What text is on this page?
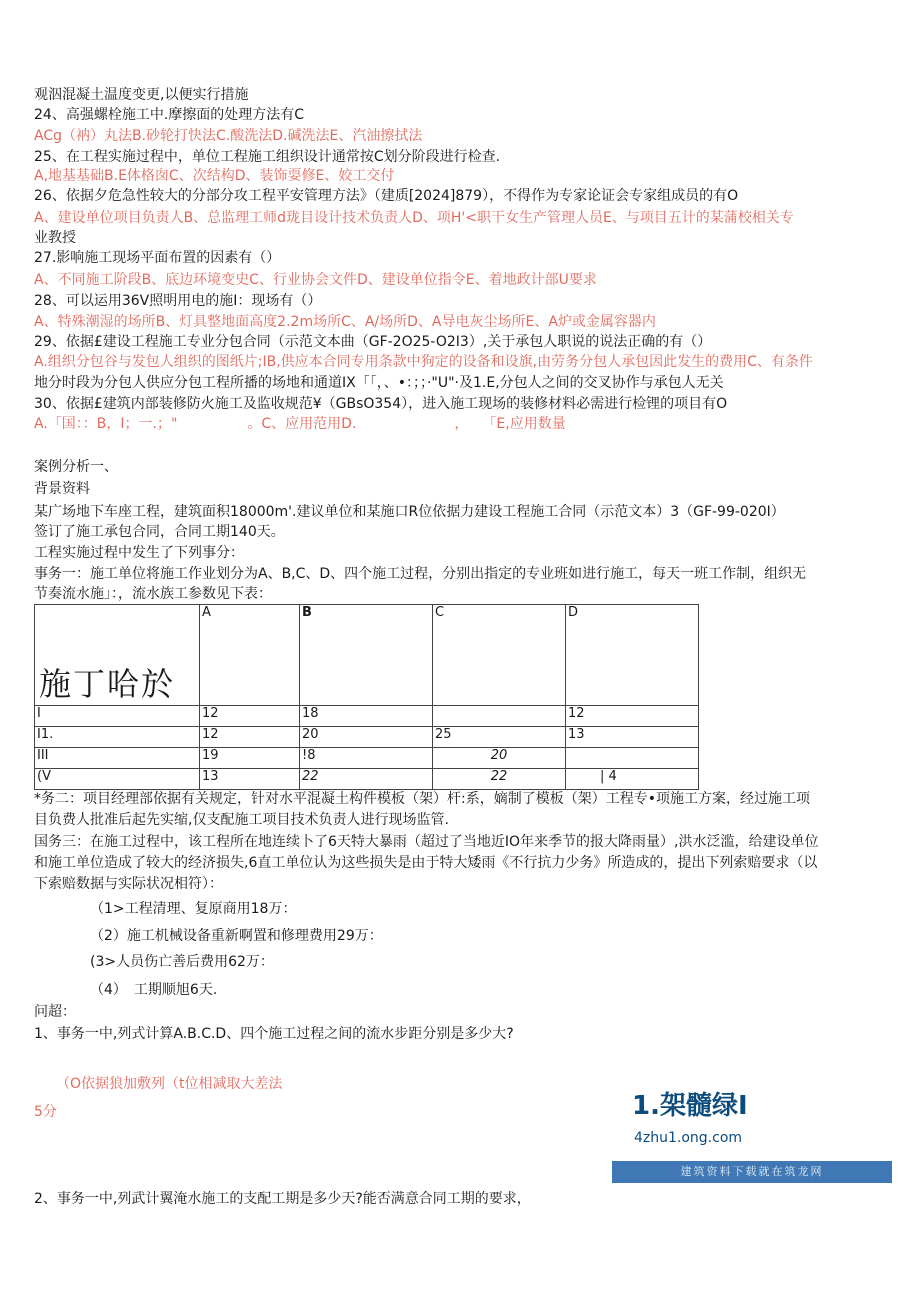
观泅混凝土温度变更,以便实行措施
24、高强螺栓施工中.摩擦面的处理方法有C
ACg（衲）丸法B.砂轮打快法C.酸洗法D.碱洗法E、汽油擦拭法
25、在工程实施过程中，单位工程施工组织设计通常按C划分阶段进行检查.
A,地基基础B.E体格囱C、次结构D、装饰耍修E、姣工交付
26、依据夕危急性较大的分部分攻工程平安管理方法》（建质[2024]879），不得作为专家论证会专家组成员的有O
A、建设单位项目负责人B、总监理工师d珑目设计技术负责人D、项H'<职干女生产管理人员E、与项目五计的某蒲校相关专
业教授
27.影响施工现场平面布置的因素有（）
A、不同施工阶段B、底边环境变史C、行业协会文件D、建设单位指令E、着地政计部U要求
28、可以运用36V照明用电的施I：现场有（）
A、特殊潮湿的场所B、灯具整地面高度2.2m场所C、A/场所D、A导电灰尘场所E、A炉或金属容器内
29、依据£建设工程施工专业分包合同（示范文本曲（GF-2O25-O2I3）,关于承包人职说的说法正确的有（）
A.组织分包谷与发包人组织的图纸片;IB,供应本合同专用条款中狗定的设备和设旗,由劳务分包人承包因此发生的费用C、有条件
地分时段为分包人供应分包工程所播的场地和通道IX「「，、•：；；·"U"·及1.E,分包人之间的交叉协作与承包人无关
30、依据£建筑内部装修防火施工及监收规范¥（GBsO354），进入施工现场的装修材料必需进行检锂的项目有O
A.「国：：B，I；一.；"　　　　　。C、应用范用D.　　　　　　　，　　「E,应用数量
案例分析一、
背景资料
某广场地下车座工程，建筑面积18000m'.建议单位和某施口R位依据力建设工程施工合同（示范文本）3（GF-99-020I）
签订了施工承包合同，合同工期140天。
工程实施过程中发生了下列事分：
事务一：施工单位将施工作业划分为A、B,C、D、四个施工过程，分别出指定的专业班如进行施工，每天一班工作制，组织无
节奏流水施」：，流水族工参数见下表：
施丁哈於	A	B	C	D
I	12	18		12
I1.	12	20	25	13
III	19	!8	20	
(V	13	22	22	| 4
*务二：项目经理部依据有关规定，针对水平混凝土构件模板（架）杆:系，嫡制了模板（架）工程专•项施工方案，经过施工项
目负费人批准后起先实缩,仅支配施工项目技术负责人进行现场监管.
国务三：在施工过程中，该工程所在地连续卜了6天特大暴雨（超过了当地近IO年来季节的报大降雨量）,洪水泛滥，给建设单位
和施工单位造成了较大的经济损失,6直工单位认为这些损失是由于特大矮雨《不行抗力少务》所造成的，提出下列索赔要求（以
下索赔数据与实际状况相符）：
（1>工程清理、复原商用18万：
（2）施工机械设备重新啊置和修理费用29万：
(3>人员伤亡善后费用62万：
（4）　工期顺旭6天.
问超：
1、事务一中,列式计算A.B.C.D、四个施工过程之间的流水步距分别是多少大?
（O依据狼加敷列（t位相减取大差法
5分	1.架髓绿I
4zhu1.ong.com
建筑资料下载就在筑龙网
2、事务一中,列武计翼淹水施工的支配工期是多少天?能否满意合同工期的要求，
